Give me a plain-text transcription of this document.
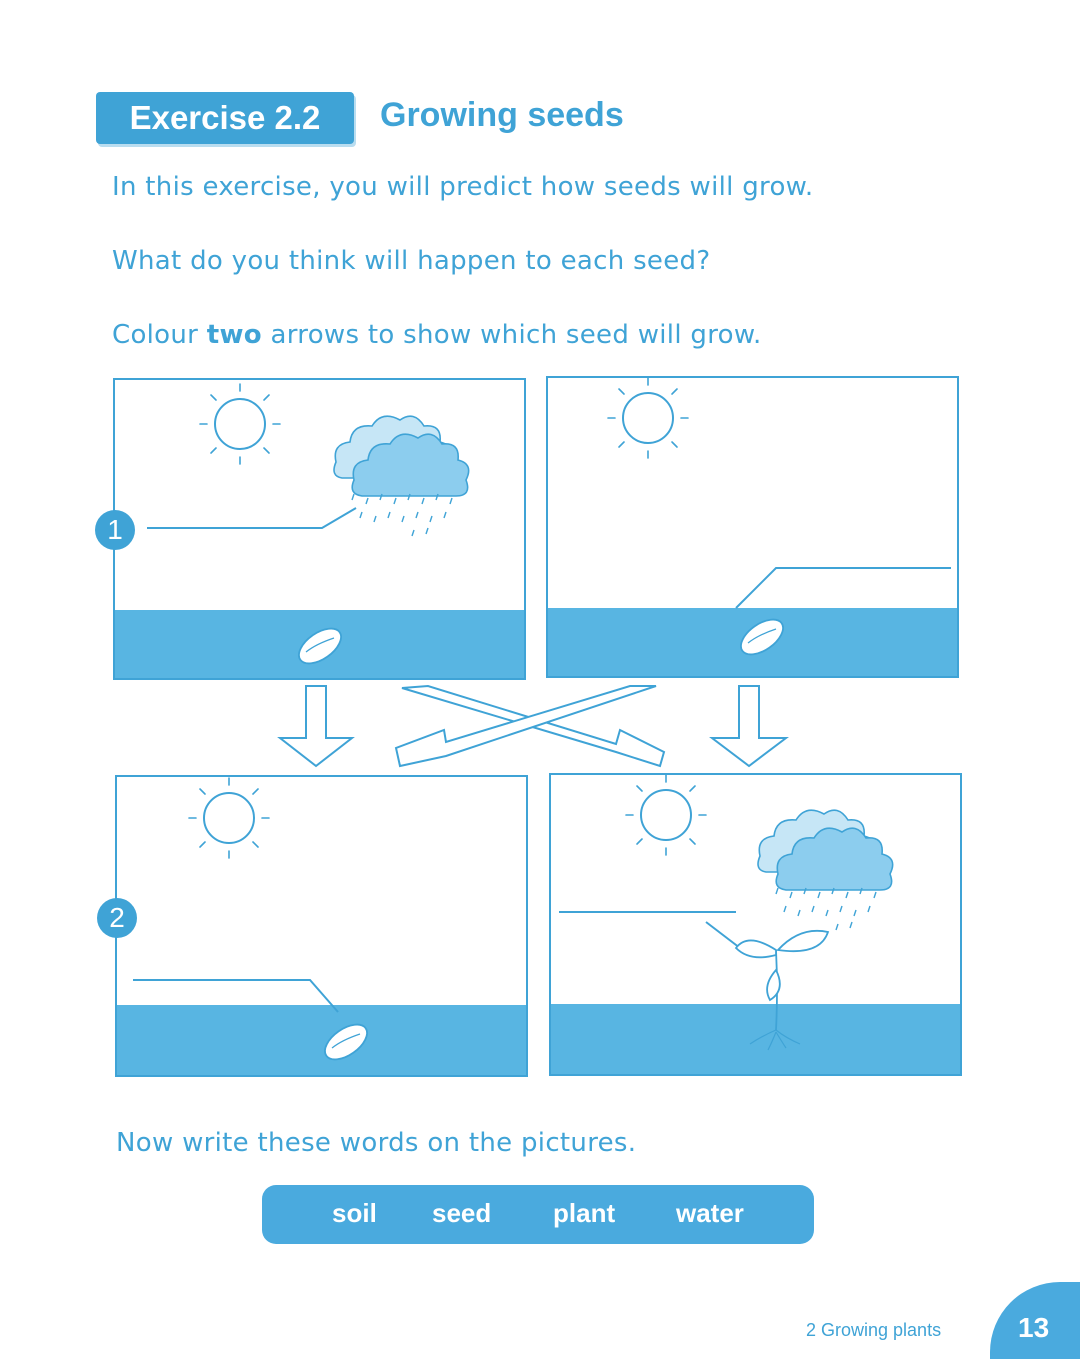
Exercise 2.2	Growing seeds
In this exercise, you will predict how seeds will grow.
What do you think will happen to each seed?
Colour two arrows to show which seed will grow.
1
2
Now write these words on the pictures.
soil seed plant water
2 Growing plants	13
